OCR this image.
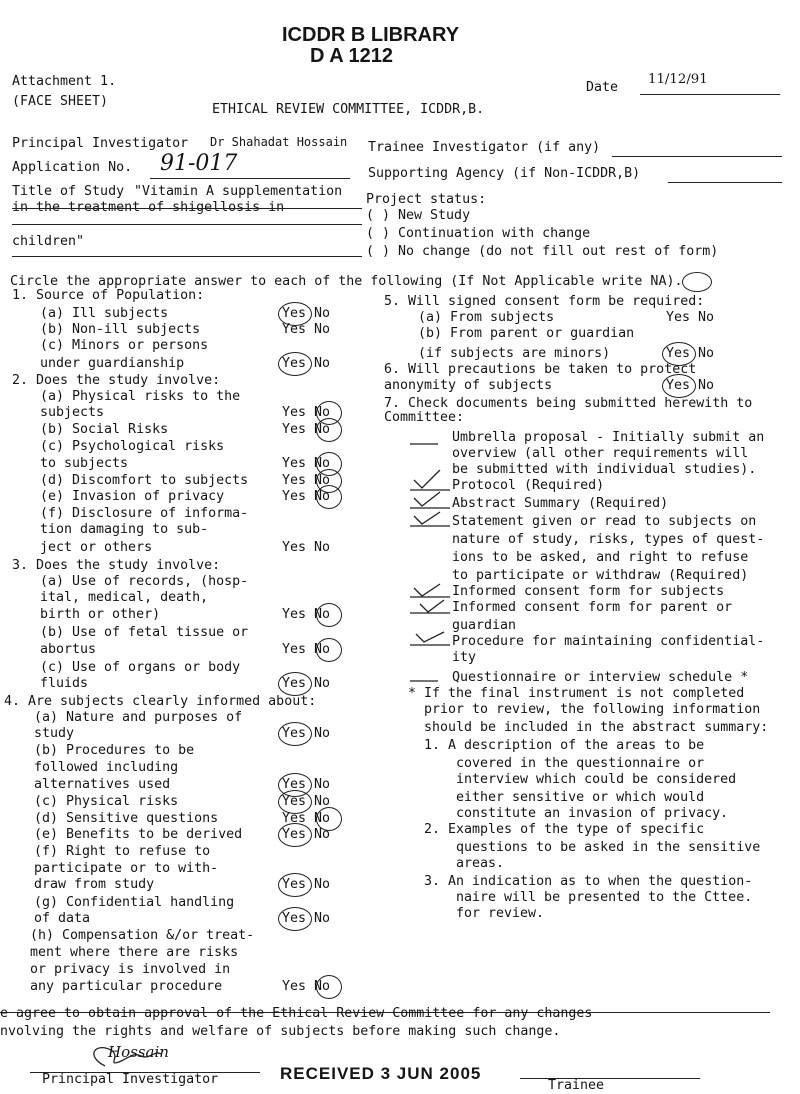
ICDDR B LIBRARY
D A 1212
Attachment 1.
(FACE SHEET)
ETHICAL REVIEW COMMITTEE, ICDDR,B.
Date
11/12/91
Principal Investigator Dr Shahadat Hossain Trainee Investigator (if any)
Application No. 91-017	Supporting Agency (if Non-ICDDR,B)
Title of Study "Vitamin A supplementation
in the treatment of shigellosis in
children"
Project status:
( ) New Study
( ) Continuation with change
( ) No change (do not fill out rest of form)
Circle the appropriate answer to each of the following (If Not Applicable write NA).
1. Source of Population:
(a) Ill subjects	Yes No
(b) Non-ill subjects	Yes No
(c) Minors or persons
under guardianship	Yes No
2. Does the study involve:
(a) Physical risks to the
subjects	Yes No
(b) Social Risks	Yes No
(c) Psychological risks
to subjects	Yes No
(d) Discomfort to subjects	Yes No
(e) Invasion of privacy	Yes No
(f) Disclosure of informa-
tion damaging to sub-
ject or others	Yes No
3. Does the study involve:
(a) Use of records, (hosp-
ital, medical, death,
birth or other)	Yes No
(b) Use of fetal tissue or
abortus	Yes No
(c) Use of organs or body
fluids	Yes No
4. Are subjects clearly informed about:
(a) Nature and purposes of
study	Yes No
(b) Procedures to be
followed including
alternatives used	Yes No
(c) Physical risks	Yes No
(d) Sensitive questions	Yes No
(e) Benefits to be derived	Yes No
(f) Right to refuse to
participate or to with-
draw from study	Yes No
(g) Confidential handling
of data	Yes No
(h) Compensation &/or treat-
ment where there are risks
or privacy is involved in
any particular procedure	Yes No
5. Will signed consent form be required:
(a) From subjects	Yes No
(b) From parent or guardian
(if subjects are minors)	Yes No
6. Will precautions be taken to protect
anonymity of subjects	Yes No
7. Check documents being submitted herewith to
Committee:
Umbrella proposal - Initially submit an
overview (all other requirements will
be submitted with individual studies).
Protocol (Required)
Abstract Summary (Required)
Statement given or read to subjects on
nature of study, risks, types of quest-
ions to be asked, and right to refuse
to participate or withdraw (Required)
Informed consent form for subjects
Informed consent form for parent or
guardian
Procedure for maintaining confidential-
ity
Questionnaire or interview schedule *
* If the final instrument is not completed
prior to review, the following information
should be included in the abstract summary:
1. A description of the areas to be
covered in the questionnaire or
interview which could be considered
either sensitive or which would
constitute an invasion of privacy.
2. Examples of the type of specific
questions to be asked in the sensitive
areas.
3. An indication as to when the question-
naire will be presented to the Cttee.
for review.
e agree to obtain approval of the Ethical Review Committee for any changes
nvolving the rights and welfare of subjects before making such change.
Hossain
Principal Investigator	RECEIVED 3 JUN 2005
Trainee
